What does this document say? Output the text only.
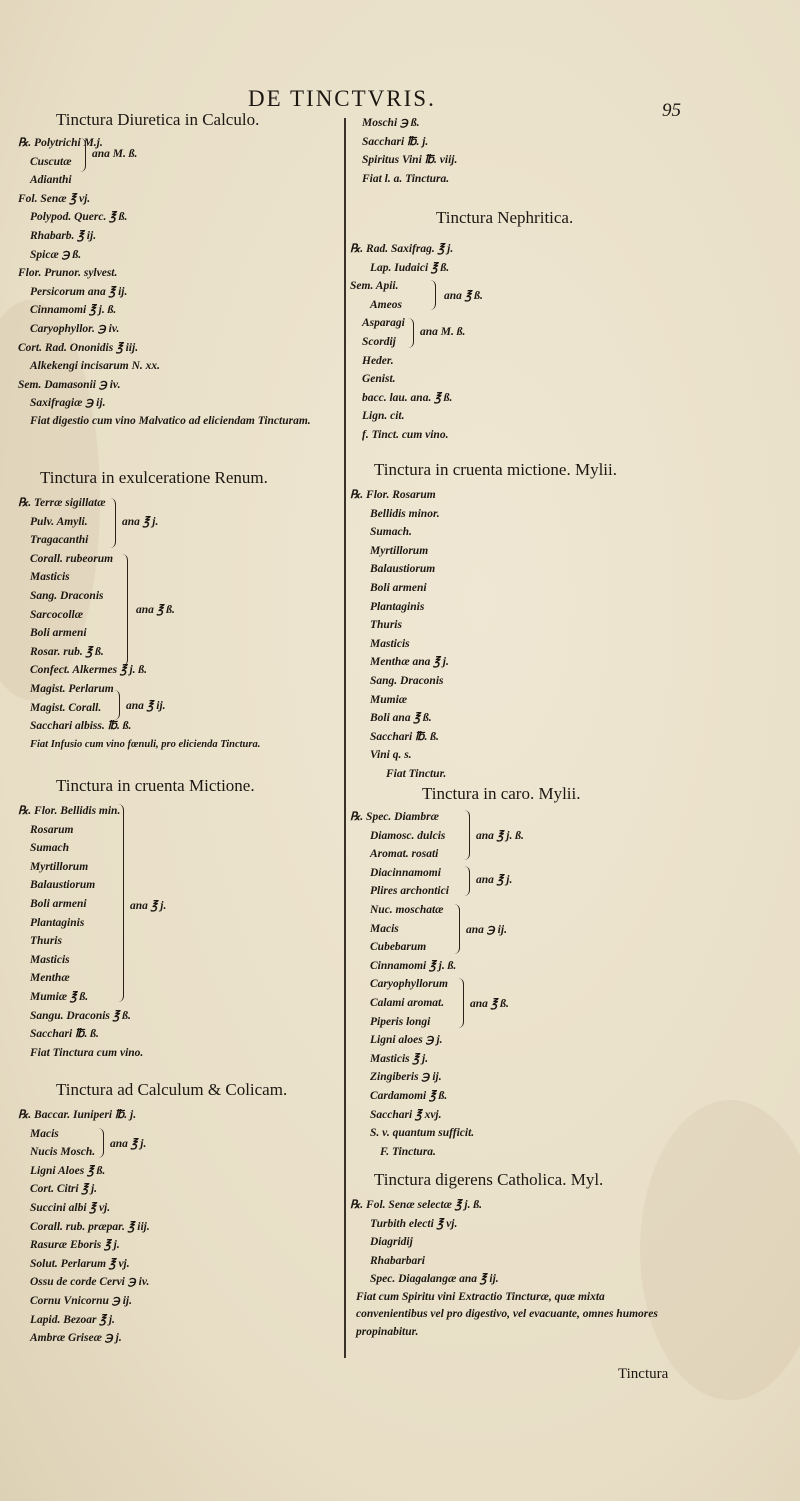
DE TINCTVRIS.	95
Tinctura Diuretica in Calculo.
℞. Polytrichi M.j.
Cuscutæ
Adianthi
ana M. ß.
Fol. Senæ ℥ vj.
Polypod. Querc. ℥ ß.
Rhabarb. ℥ ij.
Spicæ ℈ ß.
Flor. Prunor. sylvest.
Persicorum ana ℥ ij.
Cinnamomi ℥ j. ß.
Caryophyllor. ℈ iv.
Cort. Rad. Ononidis ℥ iij.
Alkekengi incisarum N. xx.
Sem. Damasonii ℈ iv.
Saxifragiæ ℈ ij.
Fiat digestio cum vino Malvatico ad eliciendam Tincturam.
Tinctura in exulceratione Renum.
℞. Terræ sigillatæ
Pulv. Amyli.
Tragacanthi
ana ℥ j.
Corall. rubeorum
Masticis
Sang. Draconis
Sarcocollæ
Boli armeni
Rosar. rub. ℥ ß.
ana ℥ ß.
Confect. Alkermes ℥ j. ß.
Magist. Perlarum
Magist. Corall.	ana ℥ ij.
Sacchari albiss. ℔. ß.
Fiat Infusio cum vino fœnuli, pro elicienda Tinctura.
Tinctura in cruenta Mictione.
℞. Flor. Bellidis min.
Rosarum
Sumach
Myrtillorum
Balaustiorum
Boli armeni
Plantaginis
Thuris
Masticis
Menthæ
Mumiæ ℥ ß.
ana ℥ j.
Sangu. Draconis ℥ ß.
Sacchari ℔. ß.
Fiat Tinctura cum vino.
Tinctura ad Calculum & Colicam.
℞. Baccar. Iuniperi ℔. j.
Macis
Nucis Mosch.
ana ℥ j.
Ligni Aloes ℥ ß.
Cort. Citri ℥ j.
Succini albi ℥ vj.
Corall. rub. præpar. ℥ iij.
Rasuræ Eboris ℥ j.
Solut. Perlarum ℥ vj.
Ossu de corde Cervi ℈ iv.
Cornu Vnicornu ℈ ij.
Lapid. Bezoar ℥ j.
Ambræ Griseæ ℈ j.
Moschi ℈ ß.
Sacchari ℔. j.
Spiritus Vini ℔. viij.
Fiat l. a. Tinctura.
Tinctura Nephritica.
℞. Rad. Saxifrag. ℥ j.
Lap. Iudaici ℥ ß.
Sem. Apii.
Ameos
ana ℥ ß.
Asparagi
Scordij
ana M. ß.
Heder.
Genist.
bacc. lau. ana. ℥ ß.
Lign. cit.
f. Tinct. cum vino.
Tinctura in cruenta mictione. Mylii.
℞. Flor. Rosarum
Bellidis minor.
Sumach.
Myrtillorum
Balaustiorum
Boli armeni
Plantaginis
Thuris
Masticis
Menthæ ana ℥ j.
Sang. Draconis
Mumiæ
Boli ana ℥ ß.
Sacchari ℔. ß.
Vini q. s.
Fiat Tinctur.
Tinctura in caro. Mylii.
℞. Spec. Diambræ
Diamosc. dulcis
Aromat. rosati
ana ℥ j. ß.
Diacinnamomi
Plires archontici
ana ℥ j.
Nuc. moschatæ
Macis
Cubebarum
ana ℈ ij.
Cinnamomi ℥ j. ß.
Caryophyllorum
Calami aromat.
Piperis longi
ana ℥ ß.
Ligni aloes ℈ j.
Masticis ℥ j.
Zingiberis ℈ ij.
Cardamomi ℥ ß.
Sacchari ℥ xvj.
S. v. quantum sufficit.
F. Tinctura.
Tinctura digerens Catholica. Myl.
℞. Fol. Senæ selectæ ℥ j. ß.
Turbith electi ℥ vj.
Diagridij
Rhabarbari
Spec. Diagalangæ ana ℥ ij.
Fiat cum Spiritu vini Extractio Tincturæ, quæ mixta convenientibus vel pro digestivo, vel evacuante, omnes humores propinabitur.
Tinctura
